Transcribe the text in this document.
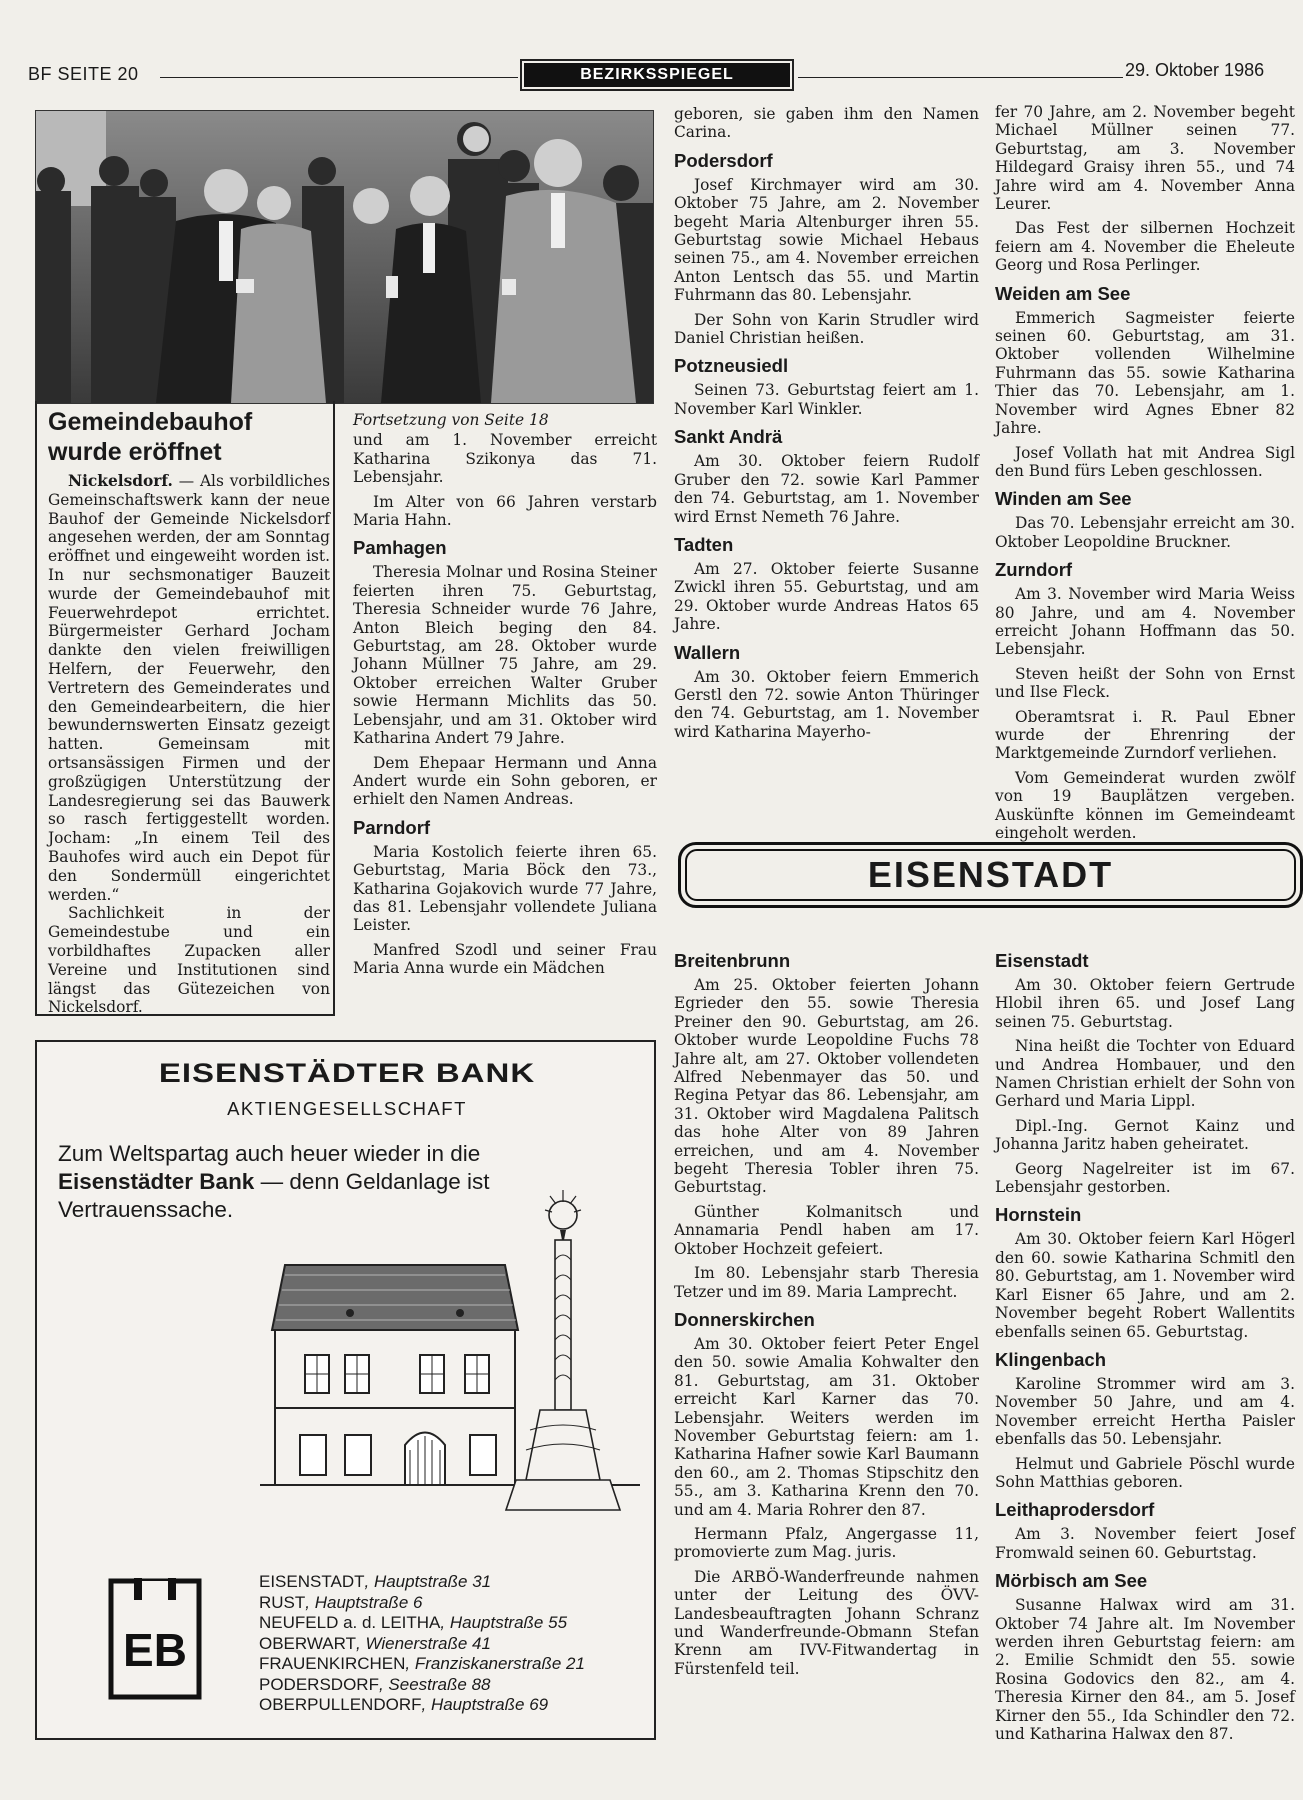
BF SEITE 20	BEZIRKSSPIEGEL	29. Oktober 1986
Gemeindebauhof
wurde eröffnet

Nickelsdorf. — Als vorbildliches Gemeinschaftswerk kann der neue Bauhof der Gemeinde Nickelsdorf angesehen werden, der am Sonntag eröffnet und eingeweiht worden ist. In nur sechsmonatiger Bauzeit wurde der Gemeindebauhof mit Feuerwehrdepot errichtet. Bürgermeister Gerhard Jocham dankte den vielen freiwilligen Helfern, der Feuerwehr, den Vertretern des Gemeinderates und den Gemeindearbeitern, die hier bewundernswerten Einsatz gezeigt hatten. Gemeinsam mit ortsansässigen Firmen und der großzügigen Unterstützung der Landesregierung sei das Bauwerk so rasch fertiggestellt worden. Jocham: „In einem Teil des Bauhofes wird auch ein Depot für den Sondermüll eingerichtet werden.“

Sachlichkeit in der Gemeindestube und ein vorbildhaftes Zupacken aller Vereine und Institutionen sind längst das Gütezeichen von Nickelsdorf.

Fortsetzung von Seite 18

und am 1. November erreicht Katharina Szikonya das 71. Lebensjahr.

Im Alter von 66 Jahren verstarb Maria Hahn.

Pamhagen

Theresia Molnar und Rosina Steiner feierten ihren 75. Geburtstag, Theresia Schneider wurde 76 Jahre, Anton Bleich beging den 84. Geburtstag, am 28. Oktober wurde Johann Müllner 75 Jahre, am 29. Oktober erreichen Walter Gruber sowie Hermann Michlits das 50. Lebensjahr, und am 31. Oktober wird Katharina Andert 79 Jahre.

Dem Ehepaar Hermann und Anna Andert wurde ein Sohn geboren, er erhielt den Namen Andreas.

Parndorf

Maria Kostolich feierte ihren 65. Geburtstag, Maria Böck den 73., Katharina Gojakovich wurde 77 Jahre, das 81. Lebensjahr vollendete Juliana Leister.

Manfred Szodl und seiner Frau Maria Anna wurde ein Mädchen

geboren, sie gaben ihm den Namen Carina.

Podersdorf

Josef Kirchmayer wird am 30. Oktober 75 Jahre, am 2. November begeht Maria Altenburger ihren 55. Geburtstag sowie Michael Hebaus seinen 75., am 4. November erreichen Anton Lentsch das 55. und Martin Fuhrmann das 80. Lebensjahr.

Der Sohn von Karin Strudler wird Daniel Christian heißen.

Potzneusiedl

Seinen 73. Geburtstag feiert am 1. November Karl Winkler.

Sankt Andrä

Am 30. Oktober feiern Rudolf Gruber den 72. sowie Karl Pammer den 74. Geburtstag, am 1. November wird Ernst Nemeth 76 Jahre.

Tadten

Am 27. Oktober feierte Susanne Zwickl ihren 55. Geburtstag, und am 29. Oktober wurde Andreas Hatos 65 Jahre.

Wallern

Am 30. Oktober feiern Emmerich Gerstl den 72. sowie Anton Thüringer den 74. Geburtstag, am 1. November wird Katharina Mayerho-

fer 70 Jahre, am 2. November begeht Michael Müllner seinen 77. Geburtstag, am 3. November Hildegard Graisy ihren 55., und 74 Jahre wird am 4. November Anna Leurer.

Das Fest der silbernen Hochzeit feiern am 4. November die Eheleute Georg und Rosa Perlinger.

Weiden am See

Emmerich Sagmeister feierte seinen 60. Geburtstag, am 31. Oktober vollenden Wilhelmine Fuhrmann das 55. sowie Katharina Thier das 70. Lebensjahr, am 1. November wird Agnes Ebner 82 Jahre.

Josef Vollath hat mit Andrea Sigl den Bund fürs Leben geschlossen.

Winden am See

Das 70. Lebensjahr erreicht am 30. Oktober Leopoldine Bruckner.

Zurndorf

Am 3. November wird Maria Weiss 80 Jahre, und am 4. November erreicht Johann Hoffmann das 50. Lebensjahr.

Steven heißt der Sohn von Ernst und Ilse Fleck.

Oberamtsrat i. R. Paul Ebner wurde der Ehrenring der Marktgemeinde Zurndorf verliehen.

Vom Gemeinderat wurden zwölf von 19 Bauplätzen vergeben. Auskünfte können im Gemeindeamt eingeholt werden.

EISENSTADT
Breitenbrunn

Am 25. Oktober feierten Johann Egrieder den 55. sowie Theresia Preiner den 90. Geburtstag, am 26. Oktober wurde Leopoldine Fuchs 78 Jahre alt, am 27. Oktober vollendeten Alfred Nebenmayer das 50. und Regina Petyar das 86. Lebensjahr, am 31. Oktober wird Magdalena Palitsch das hohe Alter von 89 Jahren erreichen, und am 4. November begeht Theresia Tobler ihren 75. Geburtstag.

Günther Kolmanitsch und Annamaria Pendl haben am 17. Oktober Hochzeit gefeiert.

Im 80. Lebensjahr starb Theresia Tetzer und im 89. Maria Lamprecht.

Donnerskirchen

Am 30. Oktober feiert Peter Engel den 50. sowie Amalia Kohwalter den 81. Geburtstag, am 31. Oktober erreicht Karl Karner das 70. Lebensjahr. Weiters werden im November Geburtstag feiern: am 1. Katharina Hafner sowie Karl Baumann den 60., am 2. Thomas Stipschitz den 55., am 3. Katharina Krenn den 70. und am 4. Maria Rohrer den 87.

Hermann Pfalz, Angergasse 11, promovierte zum Mag. juris.

Die ARBÖ-Wanderfreunde nahmen unter der Leitung des ÖVV-Landesbeauftragten Johann Schranz und Wanderfreunde-Obmann Stefan Krenn am IVV-Fitwandertag in Fürstenfeld teil.

Eisenstadt

Am 30. Oktober feiern Gertrude Hlobil ihren 65. und Josef Lang seinen 75. Geburtstag.

Nina heißt die Tochter von Eduard und Andrea Hombauer, und den Namen Christian erhielt der Sohn von Gerhard und Maria Lippl.

Dipl.-Ing. Gernot Kainz und Johanna Jaritz haben geheiratet.

Georg Nagelreiter ist im 67. Lebensjahr gestorben.

Hornstein

Am 30. Oktober feiern Karl Högerl den 60. sowie Katharina Schmitl den 80. Geburtstag, am 1. November wird Karl Eisner 65 Jahre, und am 2. November begeht Robert Wallentits ebenfalls seinen 65. Geburtstag.

Klingenbach

Karoline Strommer wird am 3. November 50 Jahre, und am 4. November erreicht Hertha Paisler ebenfalls das 50. Lebensjahr.

Helmut und Gabriele Pöschl wurde Sohn Matthias geboren.

Leithaprodersdorf

Am 3. November feiert Josef Fromwald seinen 60. Geburtstag.

Mörbisch am See

Susanne Halwax wird am 31. Oktober 74 Jahre alt. Im November werden ihren Geburtstag feiern: am 2. Emilie Schmidt den 55. sowie Rosina Godovics den 82., am 4. Theresia Kirner den 84., am 5. Josef Kirner den 55., Ida Schindler den 72. und Katharina Halwax den 87.

EISENSTÄDTER BANK
AKTIENGESELLSCHAFT
Zum Weltspartag auch heuer wieder in die Eisenstädter Bank — denn Geldanlage ist Vertrauenssache.
EB
EISENSTADT, Hauptstraße 31
RUST, Hauptstraße 6
NEUFELD a. d. LEITHA, Hauptstraße 55
OBERWART, Wienerstraße 41
FRAUENKIRCHEN, Franziskanerstraße 21
PODERSDORF, Seestraße 88
OBERPULLENDORF, Hauptstraße 69
